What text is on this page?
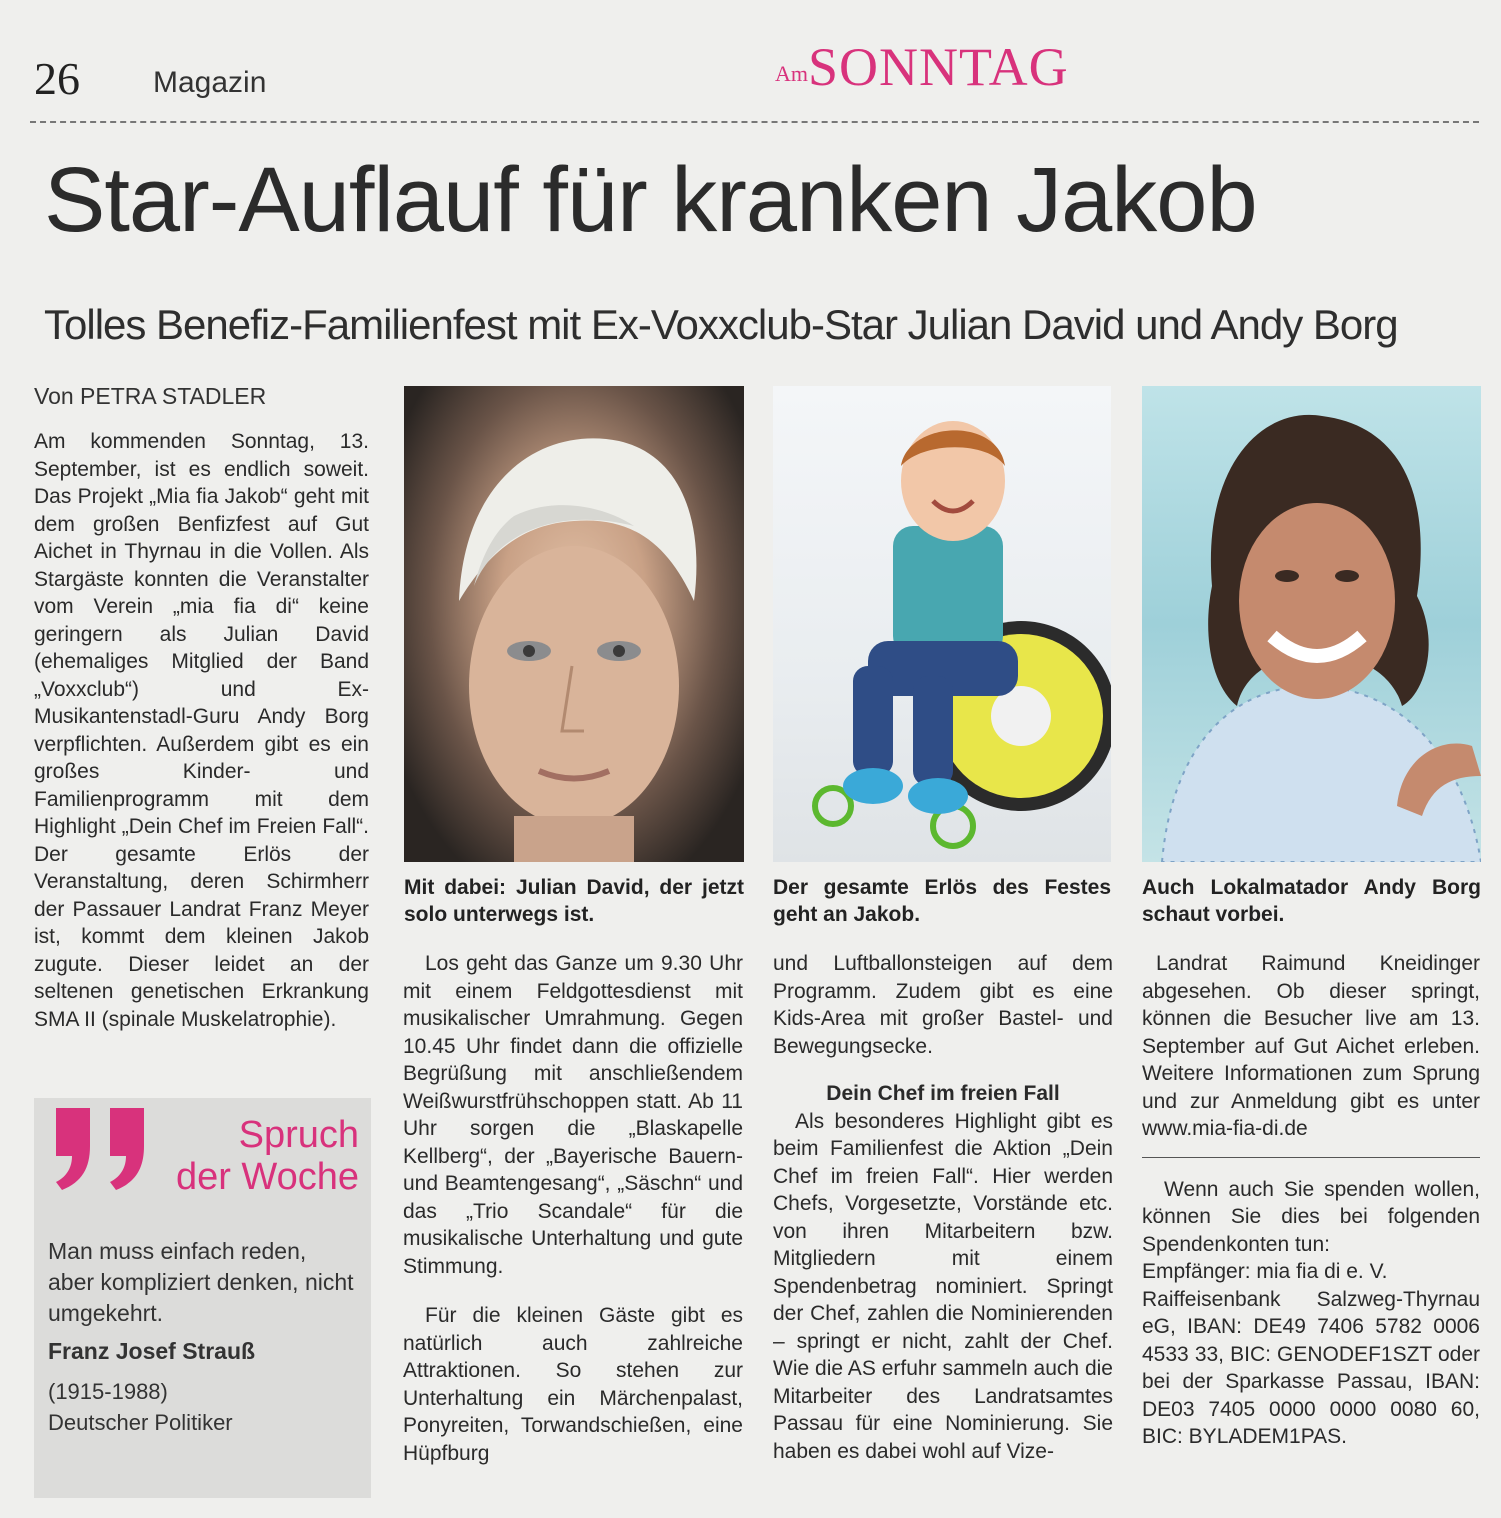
26 Magazin	AmSONNTAG
Star-Auflauf für kranken Jakob
Tolles Benefiz-Familienfest mit Ex-Voxxclub-Star Julian David und Andy Borg
Von PETRA STADLER

Am kommenden Sonntag, 13. September, ist es endlich soweit. Das Projekt „Mia fia Jakob“ geht mit dem großen Benfizfest auf Gut Aichet in Thyrnau in die Vollen. Als Stargäste konnten die Veranstalter vom Verein „mia fia di“ keine geringern als Julian David (ehemaliges Mitglied der Band „Voxxclub“) und Ex-Musikantenstadl-Guru Andy Borg verpflichten. Außerdem gibt es ein großes Kinder- und Familienprogramm mit dem Highlight „Dein Chef im Freien Fall“. Der gesamte Erlös der Veranstaltung, deren Schirmherr der Passauer Landrat Franz Meyer ist, kommt dem kleinen Jakob zugute. Dieser leidet an der seltenen genetischen Erkrankung SMA II (spinale Muskelatrophie).

Spruch
der Woche
Man muss einfach reden, aber kompliziert denken, nicht umgekehrt.
Franz Josef Strauß
(1915-1988)
Deutscher Politiker
Mit dabei: Julian David, der jetzt solo unterwegs ist.
Der gesamte Erlös des Festes geht an Jakob.
Auch Lokalmatador Andy Borg schaut vorbei.

Los geht das Ganze um 9.30 Uhr mit einem Feldgottesdienst mit musikalischer Umrahmung. Gegen 10.45 Uhr findet dann die offizielle Begrüßung mit anschließendem Weißwurstfrühschoppen statt. Ab 11 Uhr sorgen die „Blaskapelle Kellberg“, der „Bayerische Bauern- und Beamtengesang“, „Säschn“ und das „Trio Scandale“ für die musikalische Unterhaltung und gute Stimmung.

Für die kleinen Gäste gibt es natürlich auch zahlreiche Attraktionen. So stehen zur Unterhaltung ein Märchenpalast, Ponyreiten, Torwandschießen, eine Hüpfburg

und Luftballonsteigen auf dem Programm. Zudem gibt es eine Kids-Area mit großer Bastel- und Bewegungsecke.

Dein Chef im freien Fall

Als besonderes Highlight gibt es beim Familienfest die Aktion „Dein Chef im freien Fall“. Hier werden Chefs, Vorgesetzte, Vorstände etc. von ihren Mitarbeitern bzw. Mitgliedern mit einem Spendenbetrag nominiert. Springt der Chef, zahlen die Nominierenden – springt er nicht, zahlt der Chef. Wie die AS erfuhr sammeln auch die Mitarbeiter des Landratsamtes Passau für eine Nominierung. Sie haben es dabei wohl auf Vize-

Landrat Raimund Kneidinger abgesehen. Ob dieser springt, können die Besucher live am 13. September auf Gut Aichet erleben. Weitere Informationen zum Sprung und zur Anmeldung gibt es unter www.mia-fia-di.de

Wenn auch Sie spenden wollen, können Sie dies bei folgenden Spendenkonten tun:

Empfänger: mia fia di e. V.

Raiffeisenbank Salzweg-Thyrnau eG, IBAN: DE49 7406 5782 0006 4533 33, BIC: GENODEF1SZT oder bei der Sparkasse Passau, IBAN: DE03 7405 0000 0000 0080 60, BIC: BYLADEM1PAS.
